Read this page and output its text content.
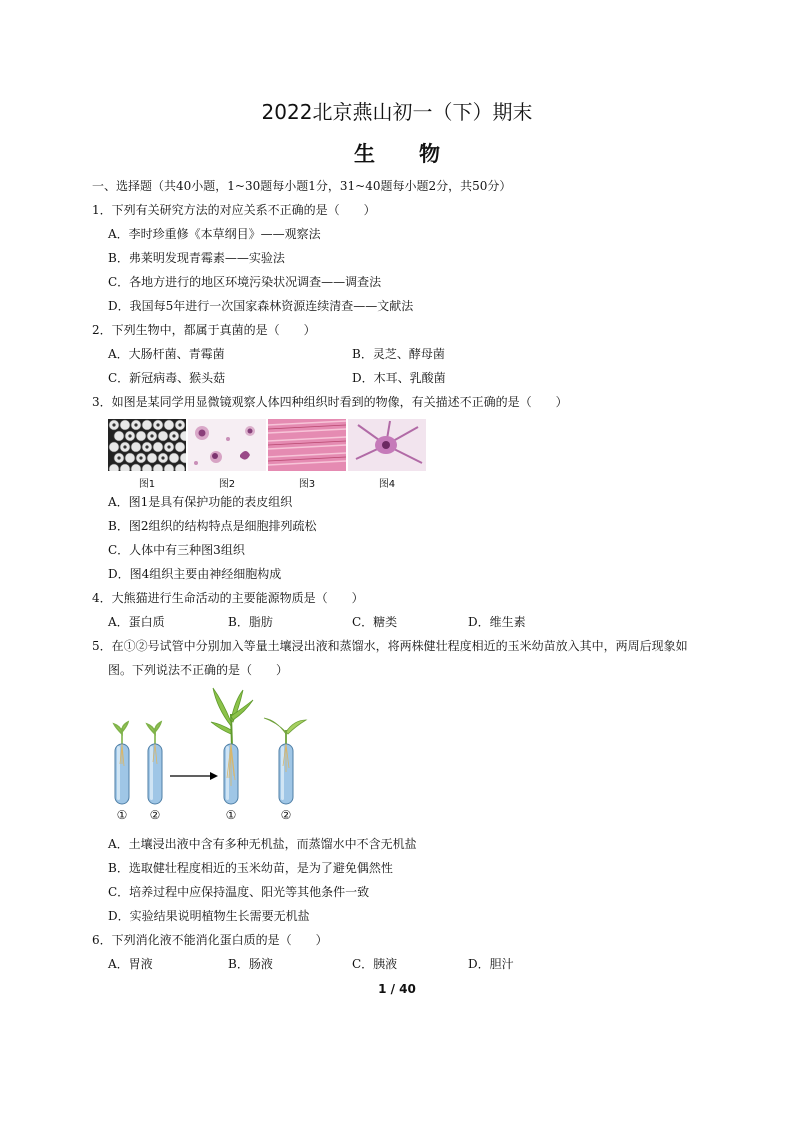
2022北京燕山初一（下）期末
生 物
一、选择题（共40小题，1~30题每小题1分，31~40题每小题2分，共50分）
1．下列有关研究方法的对应关系不正确的是（　　）
A．李时珍重修《本草纲目》——观察法
B．弗莱明发现青霉素——实验法
C．各地方进行的地区环境污染状况调查——调查法
D．我国每5年进行一次国家森林资源连续清查——文献法
2．下列生物中，都属于真菌的是（　　）
A．大肠杆菌、青霉菌	B．灵芝、酵母菌
C．新冠病毒、猴头菇	D．木耳、乳酸菌
3．如图是某同学用显微镜观察人体四种组织时看到的物像，有关描述不正确的是（　　）
图1	图2	图3	图4
A．图1是具有保护功能的表皮组织
B．图2组织的结构特点是细胞排列疏松
C．人体中有三种图3组织
D．图4组织主要由神经细胞构成
4．大熊猫进行生命活动的主要能源物质是（　　）
A．蛋白质	B．脂肪	C．糖类	D．维生素
5．在①②号试管中分别加入等量土壤浸出液和蒸馏水，将两株健壮程度相近的玉米幼苗放入其中，两周后现象如
图。下列说法不正确的是（　　）
①	②	①	②
A．土壤浸出液中含有多种无机盐，而蒸馏水中不含无机盐
B．选取健壮程度相近的玉米幼苗，是为了避免偶然性
C．培养过程中应保持温度、阳光等其他条件一致
D．实验结果说明植物生长需要无机盐
6．下列消化液不能消化蛋白质的是（　　）
A．胃液	B．肠液	C．胰液	D．胆汁
1 / 40
